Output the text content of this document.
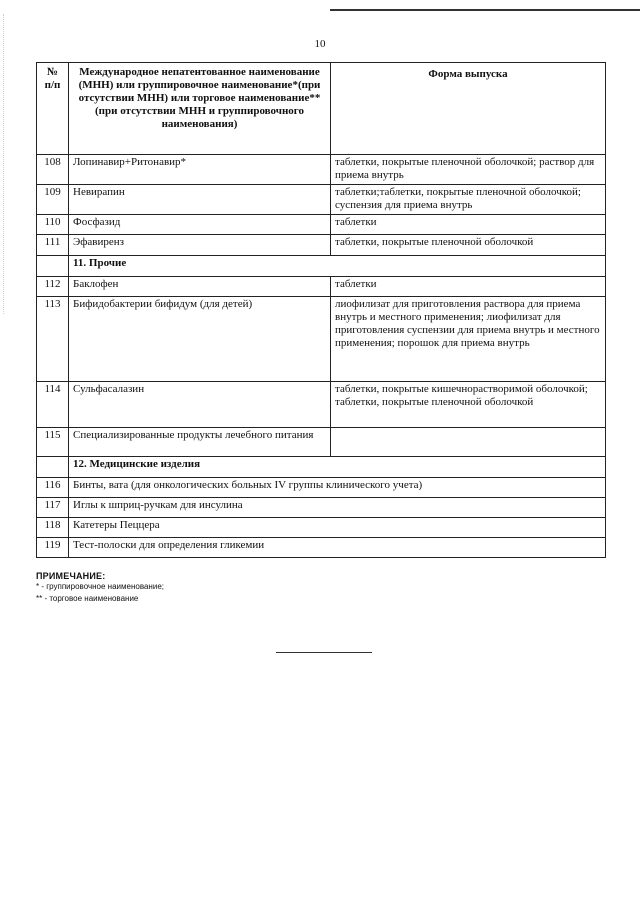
10
№ п/п	Международное непатентованное наименование (МНН) или группировочное наименование*(при отсутствии МНН) или торговое наименование** (при отсутствии МНН и группировочного наименования)	Форма выпуска
108	Лопинавир+Ритонавир*	таблетки, покрытые пленочной оболочкой; раствор для приема внутрь
109	Невирапин	таблетки;таблетки, покрытые пленочной оболочкой; суспензия для приема внутрь
110	Фосфазид	таблетки
111	Эфавиренз	таблетки, покрытые пленочной оболочкой
	11. Прочие	
112	Баклофен	таблетки
113	Бифидобактерии бифидум (для детей)	лиофилизат для приготовления раствора для приема внутрь и местного применения; лиофилизат для приготовления суспензии для приема внутрь и местного применения; порошок для приема внутрь
114	Сульфасалазин	таблетки, покрытые кишечнорастворимой оболочкой; таблетки, покрытые пленочной оболочкой
115	Специализированные продукты лечебного питания	
	12. Медицинские изделия	
116	Бинты, вата (для онкологических больных IV группы клинического учета)	
117	Иглы к шприц-ручкам для инсулина	
118	Катетеры Пеццера	
119	Тест-полоски для определения гликемии	
ПРИМЕЧАНИЕ:
* - группировочное наименование;
** - торговое наименование
